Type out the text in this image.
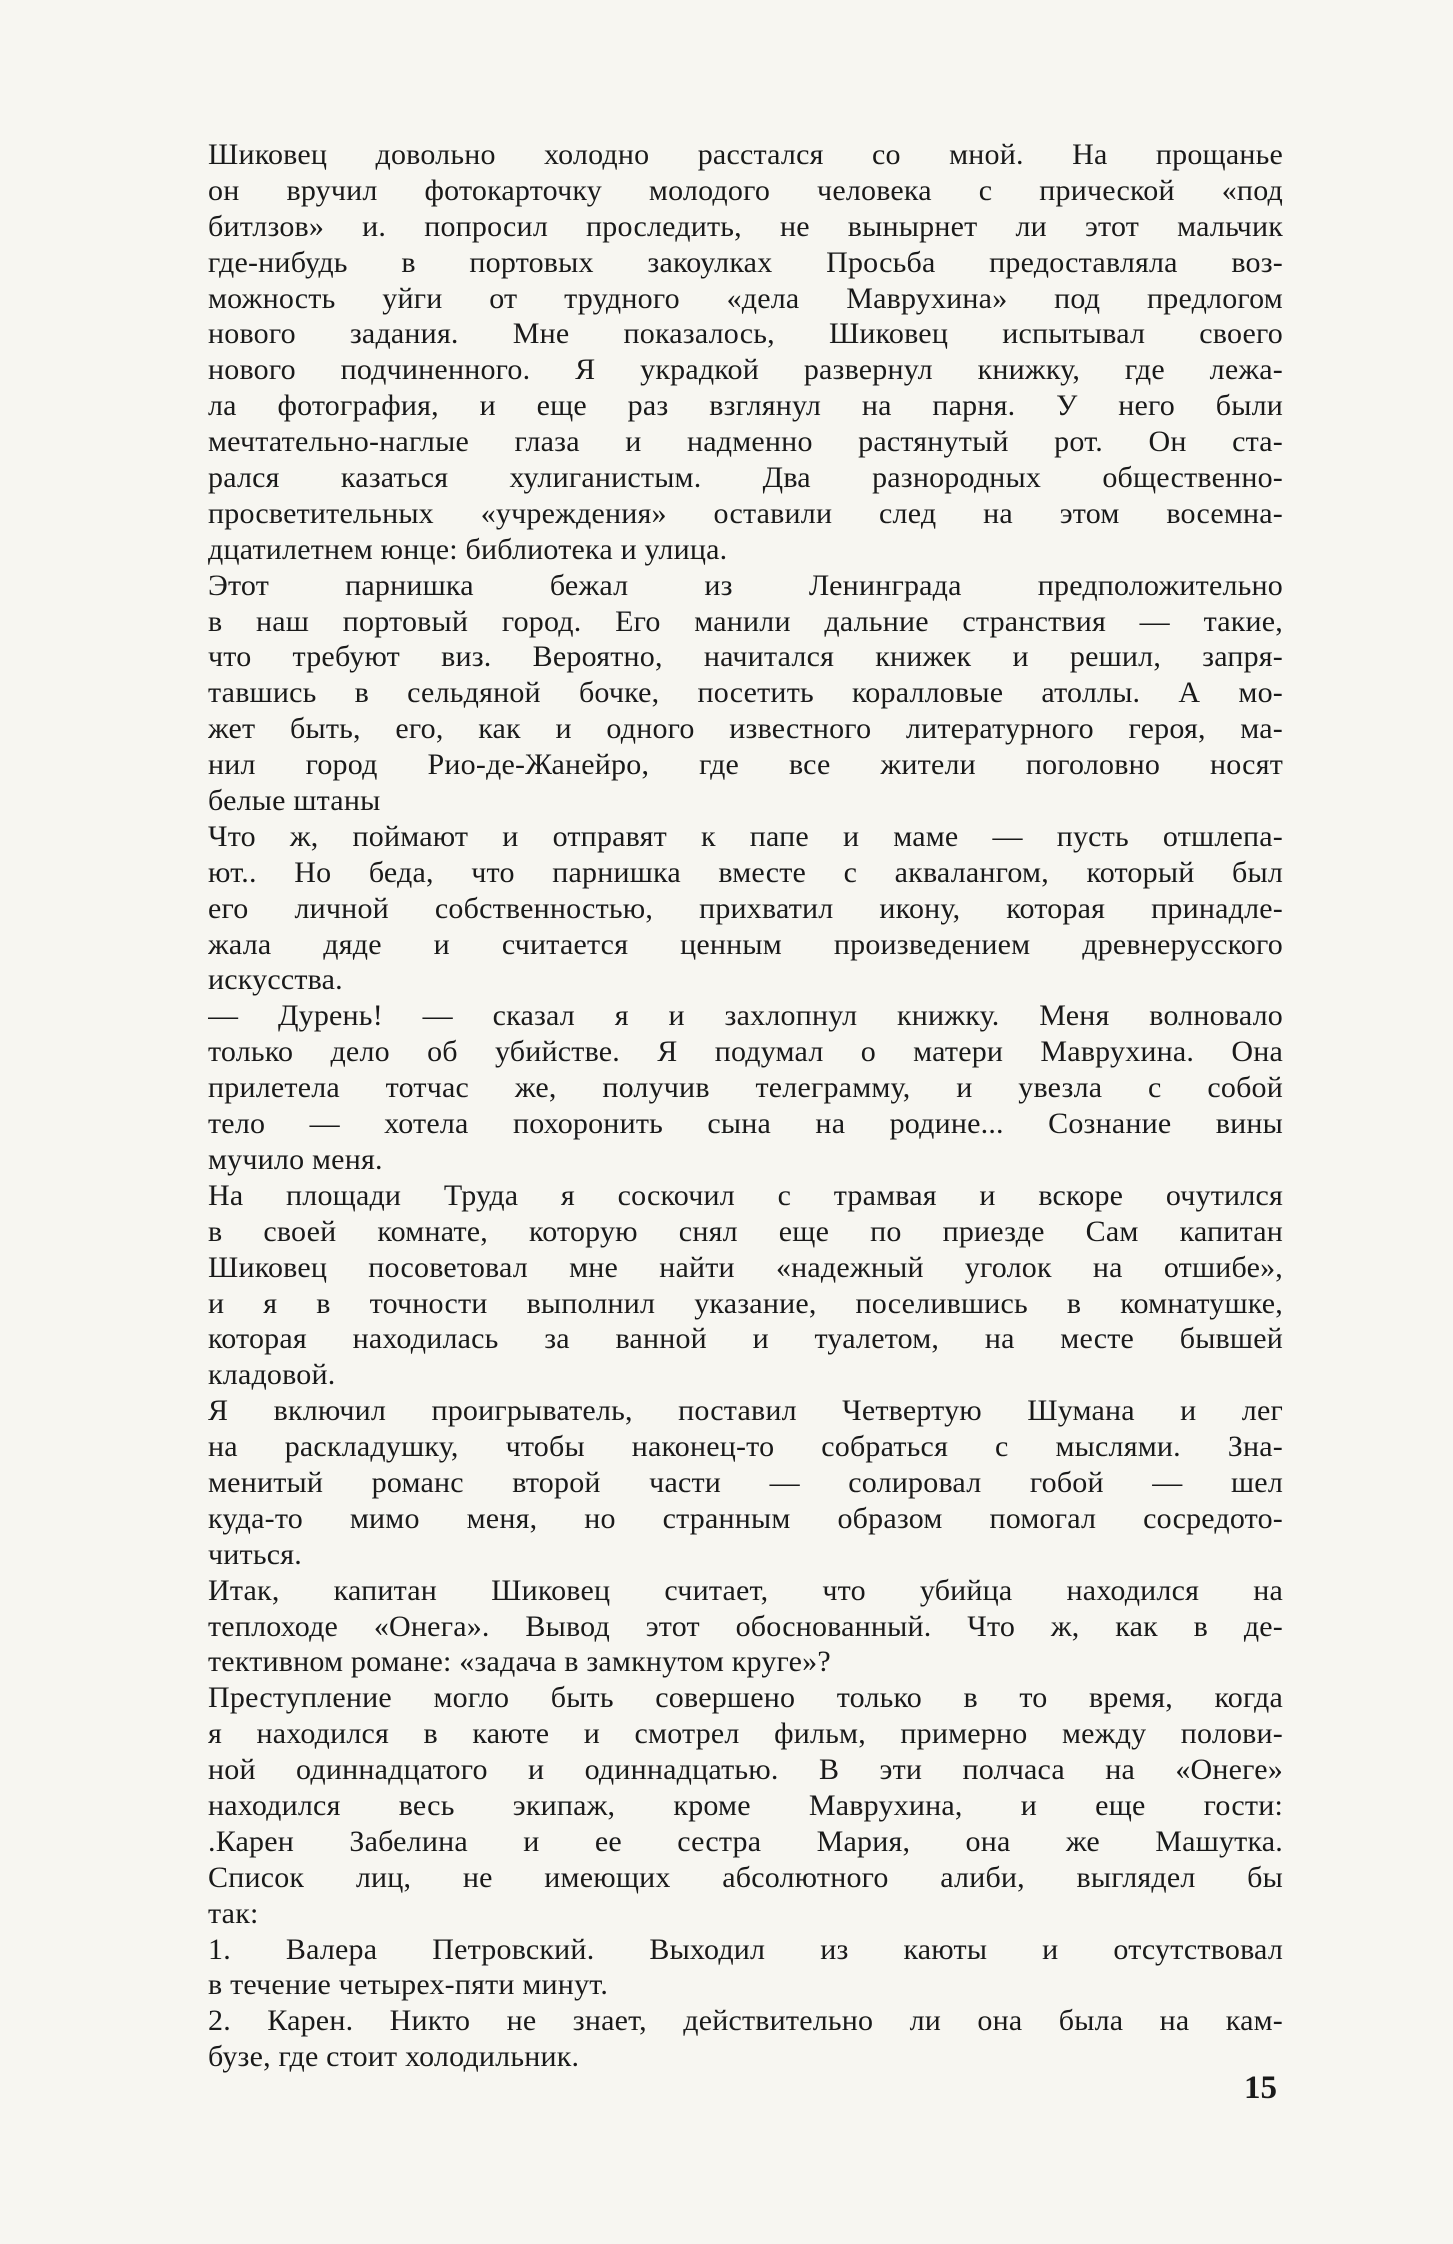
Шиковец довольно холодно расстался со мной. На прощанье
он вручил фотокарточку молодого человека с прической «под
битлзов» и. попросил проследить, не вынырнет ли этот мальчик
где-нибудь в портовых закоулках Просьба предоставляла воз-
можность уйги от трудного «дела Маврухина» под предлогом
нового задания. Мне показалось, Шиковец испытывал своего
нового подчиненного. Я украдкой развернул книжку, где лежа-
ла фотография, и еще раз взглянул на парня. У него были
мечтательно-наглые глаза и надменно растянутый рот. Он ста-
рался казаться хулиганистым. Два разнородных общественно-
просветительных «учреждения» оставили след на этом восемна-
дцатилетнем юнце: библиотека и улица.
Этот парнишка бежал из Ленинграда предположительно
в наш портовый город. Его манили дальние странствия — такие,
что требуют виз. Вероятно, начитался книжек и решил, запря-
тавшись в сельдяной бочке, посетить коралловые атоллы. А мо-
жет быть, его, как и одного известного литературного героя, ма-
нил город Рио-де-Жанейро, где все жители поголовно носят
белые штаны
Что ж, поймают и отправят к папе и маме — пусть отшлепа-
ют.. Но беда, что парнишка вместе с аквалангом, который был
его личной собственностью, прихватил икону, которая принадле-
жала дяде и считается ценным произведением древнерусского
искусства.
— Дурень! — сказал я и захлопнул книжку. Меня волновало
только дело об убийстве. Я подумал о матери Маврухина. Она
прилетела тотчас же, получив телеграмму, и увезла с собой
тело — хотела похоронить сына на родине... Сознание вины
мучило меня.
На площади Труда я соскочил с трамвая и вскоре очутился
в своей комнате, которую снял еще по приезде Сам капитан
Шиковец посоветовал мне найти «надежный уголок на отшибе»,
и я в точности выполнил указание, поселившись в комнатушке,
которая находилась за ванной и туалетом, на месте бывшей
кладовой.
Я включил проигрыватель, поставил Четвертую Шумана и лег
на раскладушку, чтобы наконец-то собраться с мыслями. Зна-
менитый романс второй части — солировал гобой — шел
куда-то мимо меня, но странным образом помогал сосредото-
читься.
Итак, капитан Шиковец считает, что убийца находился на
теплоходе «Онега». Вывод этот обоснованный. Что ж, как в де-
тективном романе: «задача в замкнутом круге»?
Преступление могло быть совершено только в то время, когда
я находился в каюте и смотрел фильм, примерно между полови-
ной одиннадцатого и одиннадцатью. В эти полчаса на «Онеге»
находился весь экипаж, кроме Маврухина, и еще гости:
.Карен Забелина и ее сестра Мария, она же Машутка.
Список лиц, не имеющих абсолютного алиби, выглядел бы
так:
1. Валера Петровский. Выходил из каюты и отсутствовал
в течение четырех-пяти минут.
2. Карен. Никто не знает, действительно ли она была на кам-
бузе, где стоит холодильник.
15
